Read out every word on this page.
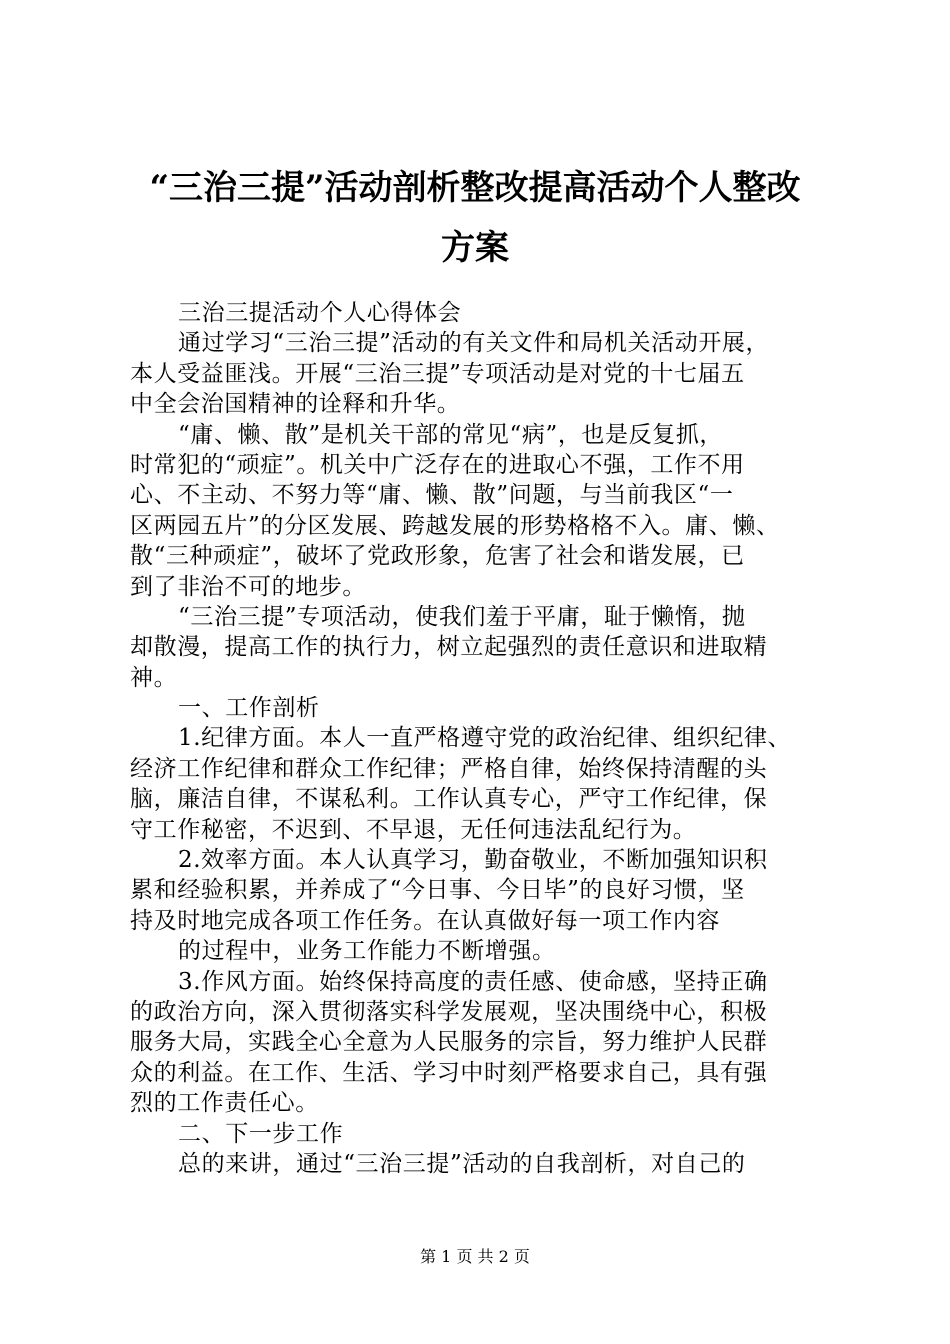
“三治三提”活动剖析整改提高活动个人整改
方案
三治三提活动个人心得体会
通过学习“三治三提”活动的有关文件和局机关活动开展，
本人受益匪浅。开展“三治三提”专项活动是对党的十七届五
中全会治国精神的诠释和升华。
“庸、懒、散”是机关干部的常见“病”，也是反复抓，
时常犯的“顽症”。机关中广泛存在的进取心不强，工作不用
心、不主动、不努力等“庸、懒、散”问题，与当前我区“一
区两园五片”的分区发展、跨越发展的形势格格不入。庸、懒、
散“三种顽症”，破坏了党政形象，危害了社会和谐发展，已
到了非治不可的地步。
“三治三提”专项活动，使我们羞于平庸，耻于懒惰，抛
却散漫，提高工作的执行力，树立起强烈的责任意识和进取精
神。
一、工作剖析
1.纪律方面。本人一直严格遵守党的政治纪律、组织纪律、
经济工作纪律和群众工作纪律；严格自律，始终保持清醒的头
脑，廉洁自律，不谋私利。工作认真专心，严守工作纪律，保
守工作秘密，不迟到、不早退，无任何违法乱纪行为。
2.效率方面。本人认真学习，勤奋敬业，不断加强知识积
累和经验积累，并养成了“今日事、今日毕”的良好习惯，坚
持及时地完成各项工作任务。在认真做好每一项工作内容
的过程中，业务工作能力不断增强。
3.作风方面。始终保持高度的责任感、使命感，坚持正确
的政治方向，深入贯彻落实科学发展观，坚决围绕中心，积极
服务大局，实践全心全意为人民服务的宗旨，努力维护人民群
众的利益。在工作、生活、学习中时刻严格要求自己，具有强
烈的工作责任心。
二、下一步工作
总的来讲，通过“三治三提”活动的自我剖析，对自己的
第 1 页 共 2 页
